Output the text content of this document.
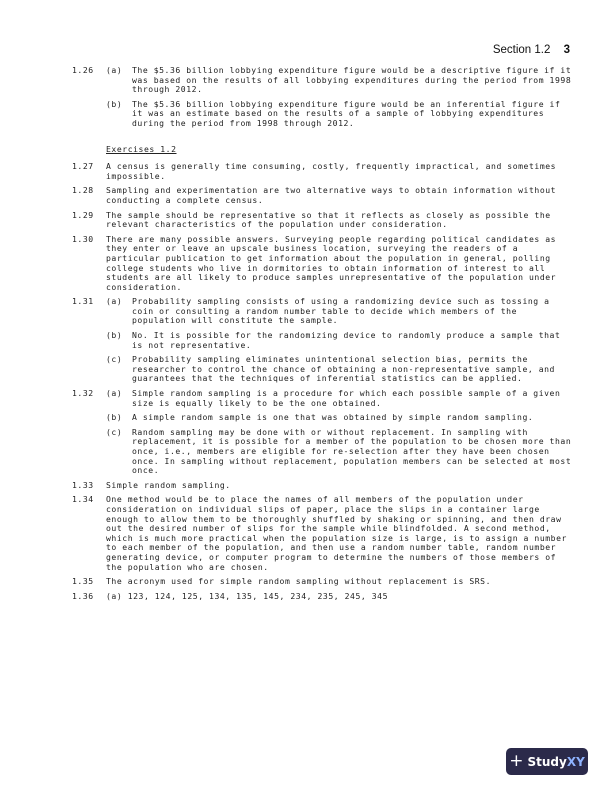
Section 1.2 3
1.26 (a) The $5.36 billion lobbying expenditure figure would be a descriptive figure if it was based on the results of all lobbying expenditures during the period from 1998 through 2012.
(b) The $5.36 billion lobbying expenditure figure would be an inferential figure if it was an estimate based on the results of a sample of lobbying expenditures during the period from 1998 through 2012.
Exercises 1.2
1.27 A census is generally time consuming, costly, frequently impractical, and sometimes impossible.
1.28 Sampling and experimentation are two alternative ways to obtain information without conducting a complete census.
1.29 The sample should be representative so that it reflects as closely as possible the relevant characteristics of the population under consideration.
1.30 There are many possible answers. Surveying people regarding political candidates as they enter or leave an upscale business location, surveying the readers of a particular publication to get information about the population in general, polling college students who live in dormitories to obtain information of interest to all students are all likely to produce samples unrepresentative of the population under consideration.
1.31 (a) Probability sampling consists of using a randomizing device such as tossing a coin or consulting a random number table to decide which members of the population will constitute the sample.
(b) No. It is possible for the randomizing device to randomly produce a sample that is not representative.
(c) Probability sampling eliminates unintentional selection bias, permits the researcher to control the chance of obtaining a non-representative sample, and guarantees that the techniques of inferential statistics can be applied.
1.32 (a) Simple random sampling is a procedure for which each possible sample of a given size is equally likely to be the one obtained.
(b) A simple random sample is one that was obtained by simple random sampling.
(c) Random sampling may be done with or without replacement. In sampling with replacement, it is possible for a member of the population to be chosen more than once, i.e., members are eligible for re-selection after they have been chosen once. In sampling without replacement, population members can be selected at most once.
1.33 Simple random sampling.
1.34 One method would be to place the names of all members of the population under consideration on individual slips of paper, place the slips in a container large enough to allow them to be thoroughly shuffled by shaking or spinning, and then draw out the desired number of slips for the sample while blindfolded. A second method, which is much more practical when the population size is large, is to assign a number to each member of the population, and then use a random number table, random number generating device, or computer program to determine the numbers of those members of the population who are chosen.
1.35 The acronym used for simple random sampling without replacement is SRS.
1.36 (a) 123, 124, 125, 134, 135, 145, 234, 235, 245, 345
+ Study XY
